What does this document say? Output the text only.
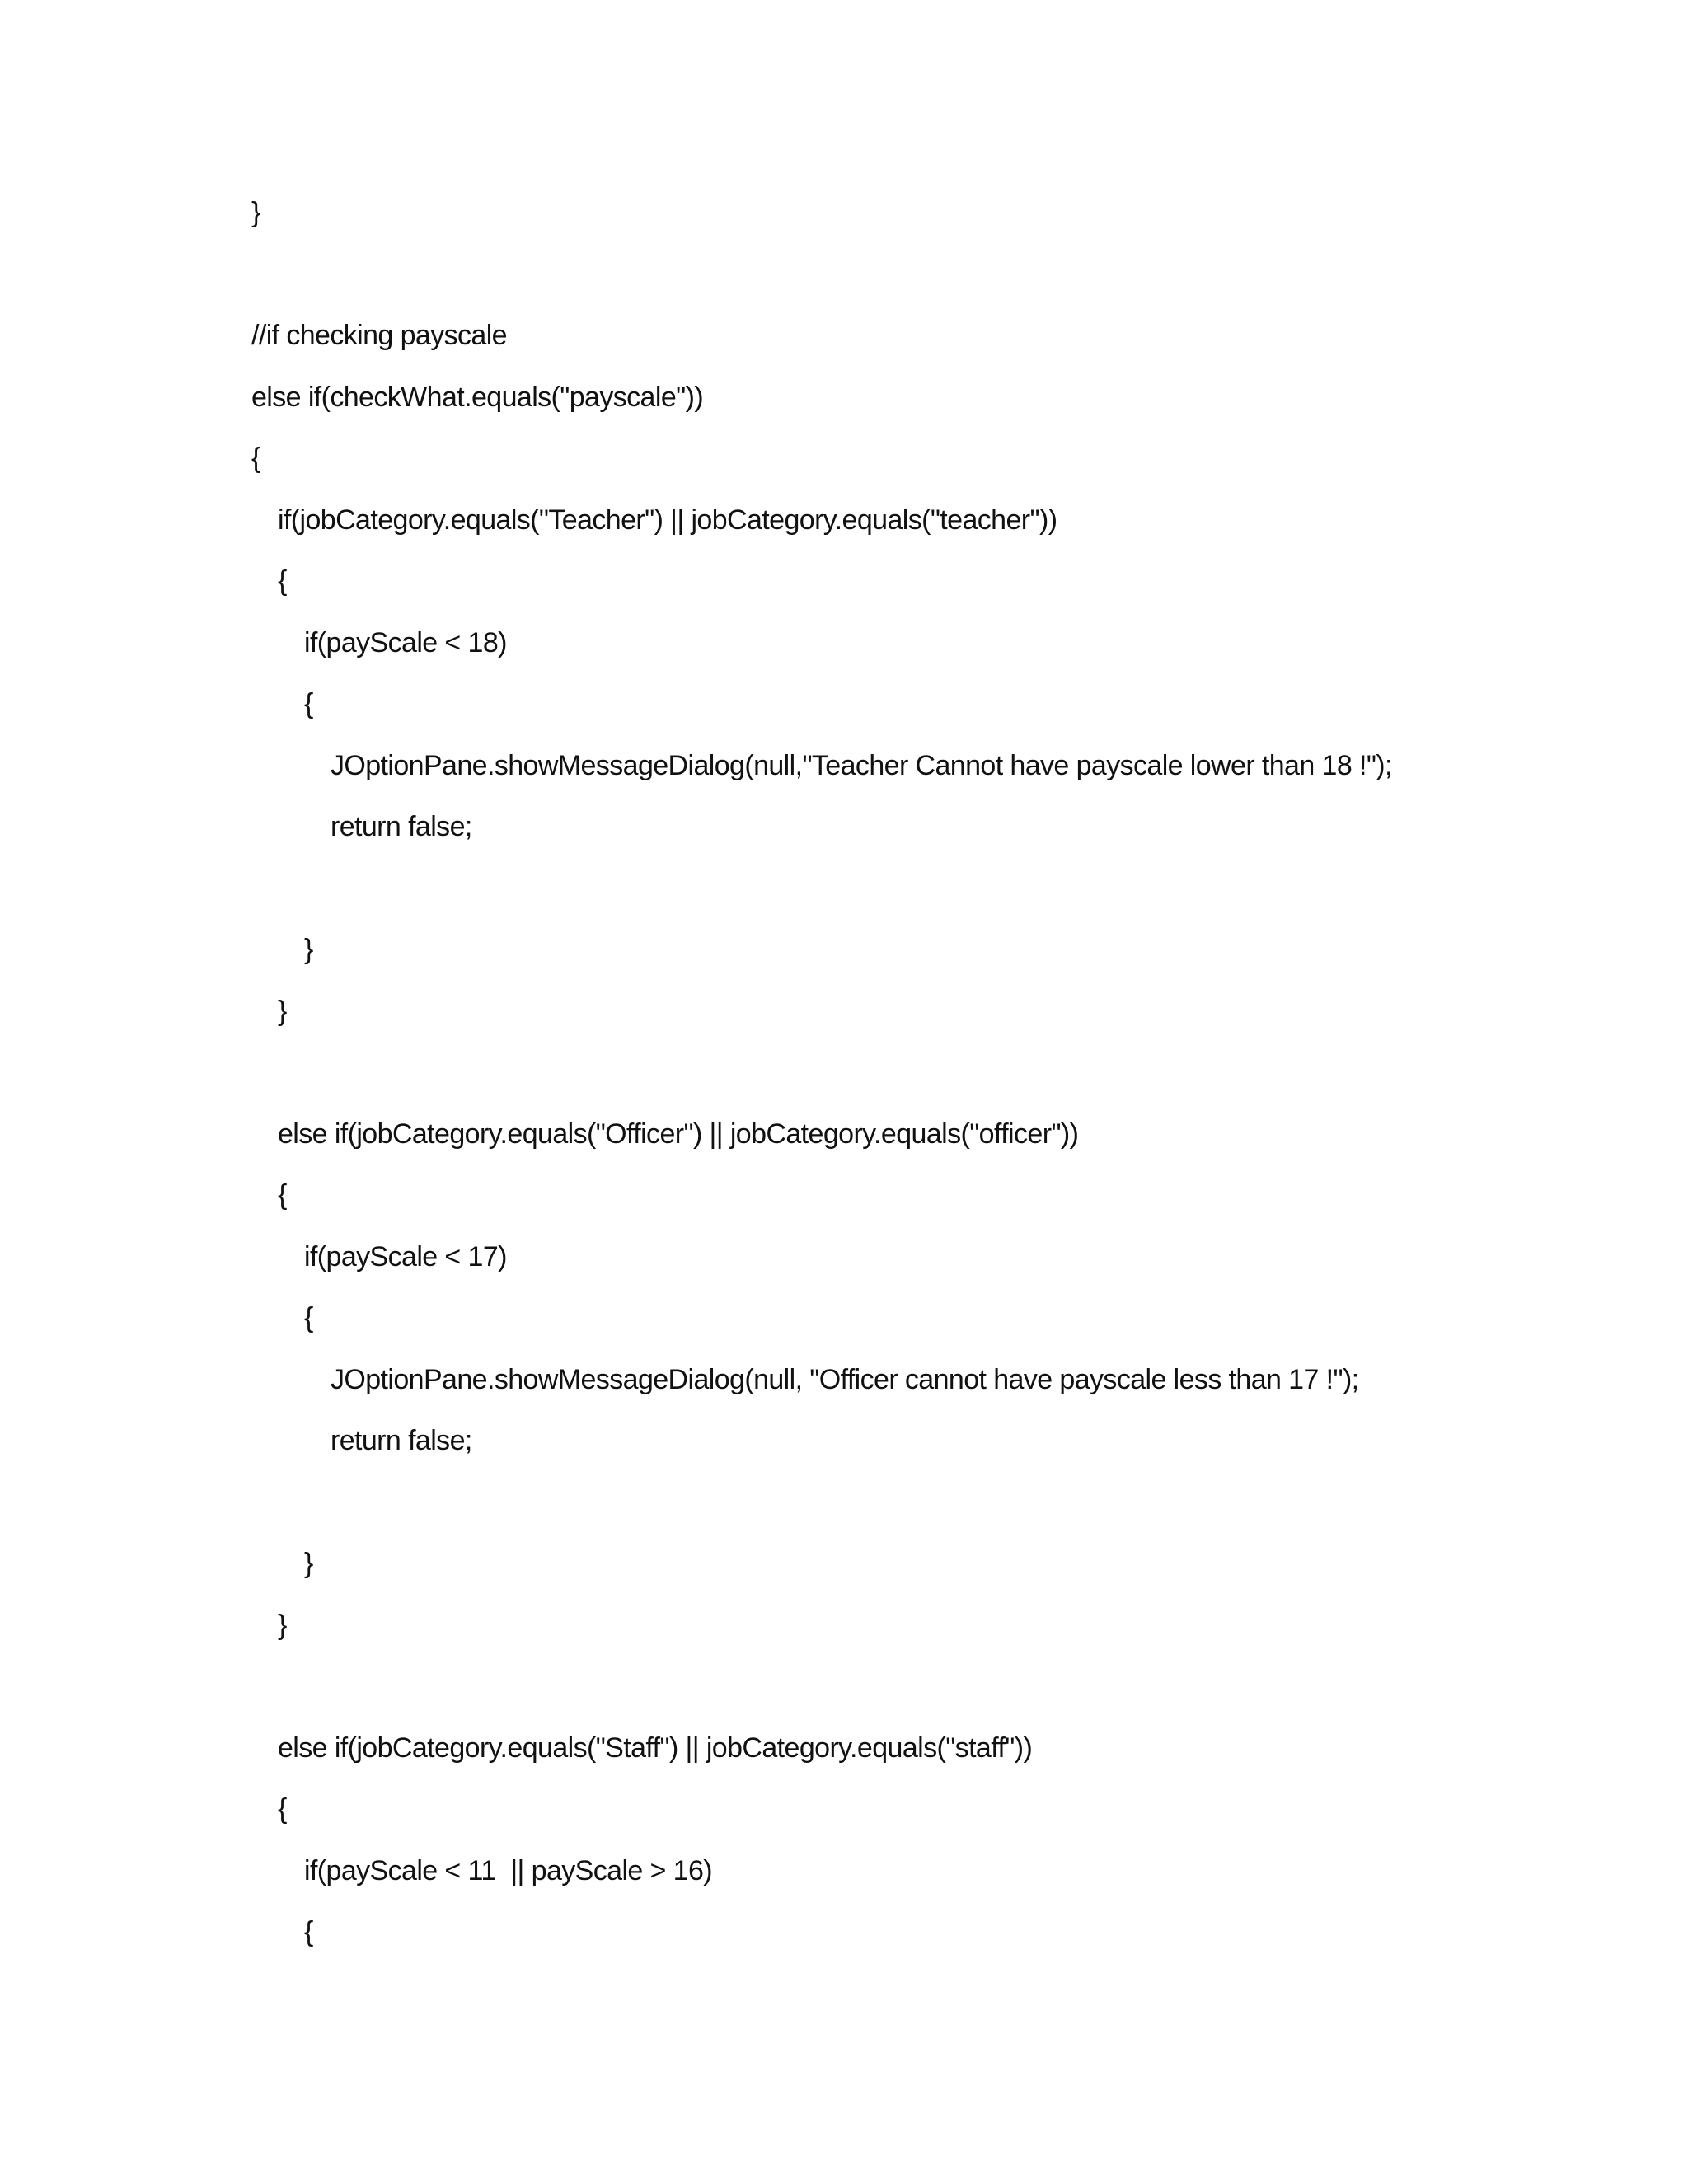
}

//if checking payscale

else if(checkWhat.equals("payscale"))

{

if(jobCategory.equals("Teacher") || jobCategory.equals("teacher"))

{

if(payScale < 18)

{

JOptionPane.showMessageDialog(null,"Teacher Cannot have payscale lower than 18 !");

return false;

}

}

else if(jobCategory.equals("Officer") || jobCategory.equals("officer"))

{

if(payScale < 17)

{

JOptionPane.showMessageDialog(null, "Officer cannot have payscale less than 17 !");

return false;

}

}

else if(jobCategory.equals("Staff") || jobCategory.equals("staff"))

{

if(payScale < 11  || payScale > 16)

{
